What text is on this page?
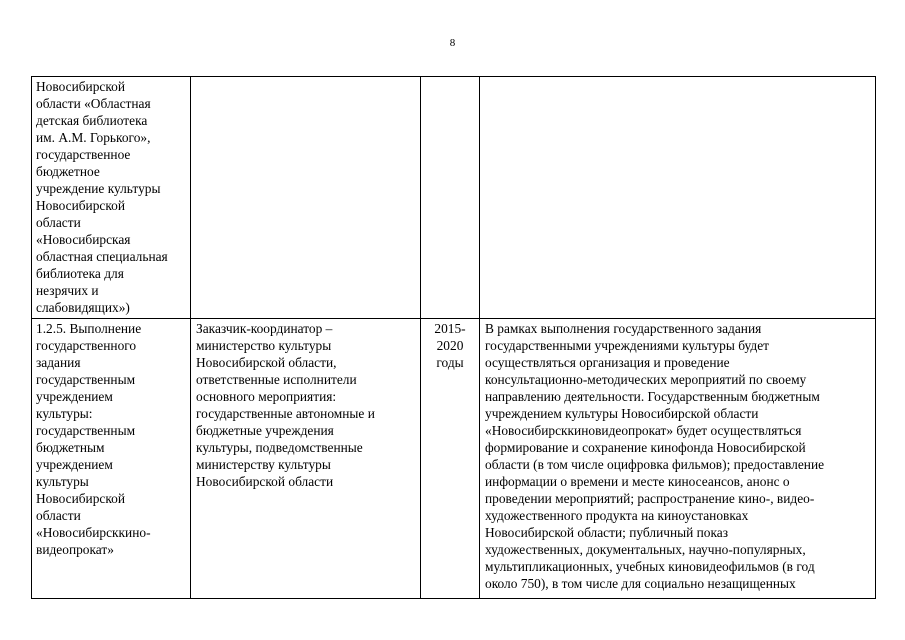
8
Новосибирской
области «Областная
детская библиотека
им. А.М. Горького»,
государственное
бюджетное
учреждение культуры
Новосибирской
области
«Новосибирская
областная специальная
библиотека для
незрячих и
слабовидящих»)
1.2.5. Выполнение
государственного
задания
государственным
учреждением
культуры:
государственным
бюджетным
учреждением
культуры
Новосибирской
области
«Новосибирсккино-
видеопрокат»
Заказчик-координатор –
министерство культуры
Новосибирской области,
ответственные исполнители
основного мероприятия:
государственные автономные и
бюджетные учреждения
культуры, подведомственные
министерству культуры
Новосибирской области
2015-
2020
годы
В рамках выполнения государственного задания
государственными учреждениями культуры будет
осуществляться организация и проведение
консультационно-методических мероприятий по своему
направлению деятельности. Государственным бюджетным
учреждением культуры Новосибирской области
«Новосибирсккиновидеопрокат» будет осуществляться
формирование и сохранение кинофонда Новосибирской
области (в том числе оцифровка фильмов); предоставление
информации о времени и месте киносеансов, анонс о
проведении мероприятий; распространение кино-, видео-
художественного продукта на киноустановках
Новосибирской области; публичный показ
художественных, документальных, научно-популярных,
мультипликационных, учебных киновидеофильмов (в год
около 750), в том числе для социально незащищенных
